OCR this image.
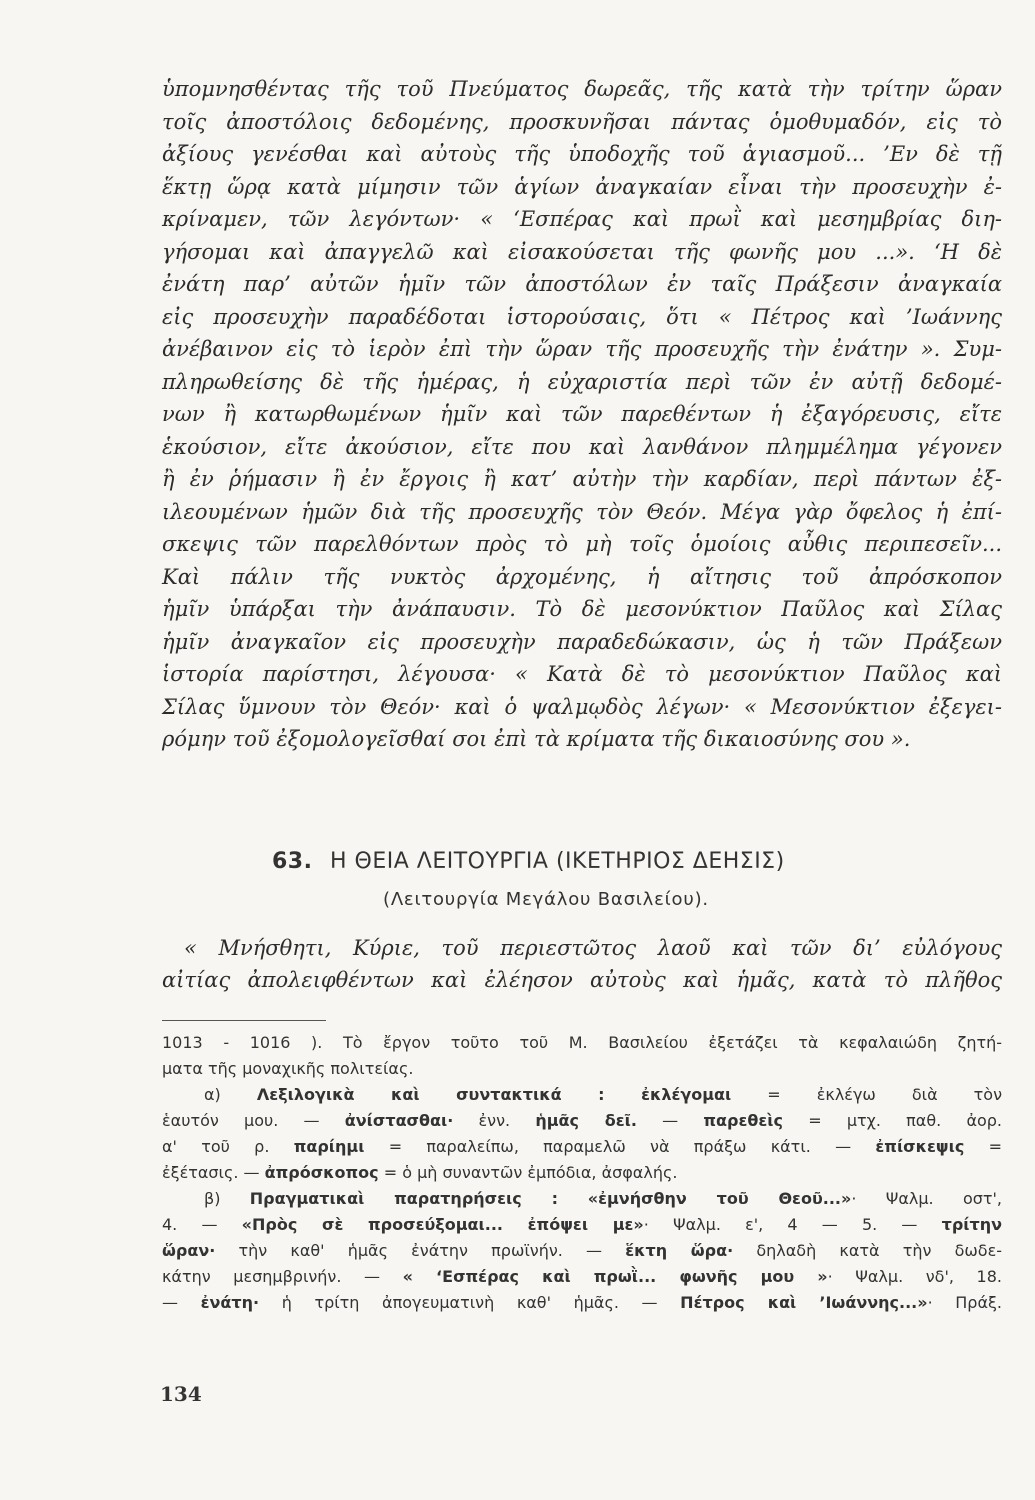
ὑπομνησθέντας τῆς τοῦ Πνεύματος δωρεᾶς, τῆς κατὰ τὴν τρίτην ὥραν
τοῖς ἀποστόλοις δεδομένης, προσκυνῆσαι πάντας ὁμοθυμαδόν, εἰς τὸ
ἀξίους γενέσθαι καὶ αὐτοὺς τῆς ὑποδοχῆς τοῦ ἁγιασμοῦ... ’Εν δὲ τῇ
ἕκτῃ ὥρᾳ κατὰ μίμησιν τῶν ἁγίων ἀναγκαίαν εἶναι τὴν προσευχὴν ἐ-
κρίναμεν, τῶν λεγόντων· « ‘Εσπέρας καὶ πρωῒ καὶ μεσημβρίας διη-
γήσομαι καὶ ἀπαγγελῶ καὶ εἰσακούσεται τῆς φωνῆς μου ...». ‘Η δὲ
ἐνάτη παρ’ αὐτῶν ἡμῖν τῶν ἀποστόλων ἐν ταῖς Πράξεσιν ἀναγκαία
εἰς προσευχὴν παραδέδοται ἱστορούσαις, ὅτι « Πέτρος καὶ ’Ιωάννης
ἀνέβαινον εἰς τὸ ἱερὸν ἐπὶ τὴν ὥραν τῆς προσευχῆς τὴν ἐνάτην ». Συμ-
πληρωθείσης δὲ τῆς ἡμέρας, ἡ εὐχαριστία περὶ τῶν ἐν αὐτῇ δεδομέ-
νων ἢ κατωρθωμένων ἡμῖν καὶ τῶν παρεθέντων ἡ ἐξαγόρευσις, εἴτε
ἑκούσιον, εἴτε ἀκούσιον, εἴτε που καὶ λανθάνον πλημμέλημα γέγονεν
ἢ ἐν ῥήμασιν ἢ ἐν ἔργοις ἢ κατ’ αὐτὴν τὴν καρδίαν, περὶ πάντων ἐξ-
ιλεουμένων ἡμῶν διὰ τῆς προσευχῆς τὸν Θεόν. Μέγα γὰρ ὄφελος ἡ ἐπί-
σκεψις τῶν παρελθόντων πρὸς τὸ μὴ τοῖς ὁμοίοις αὖθις περιπεσεῖν...
Καὶ πάλιν τῆς νυκτὸς ἀρχομένης, ἡ αἴτησις τοῦ ἀπρόσκοπον
ἡμῖν ὑπάρξαι τὴν ἀνάπαυσιν. Τὸ δὲ μεσονύκτιον Παῦλος καὶ Σίλας
ἡμῖν ἀναγκαῖον εἰς προσευχὴν παραδεδώκασιν, ὡς ἡ τῶν Πράξεων
ἱστορία παρίστησι, λέγουσα· « Κατὰ δὲ τὸ μεσονύκτιον Παῦλος καὶ
Σίλας ὕμνουν τὸν Θεόν· καὶ ὁ ψαλμῳδὸς λέγων· « Μεσονύκτιον ἐξεγει-
ρόμην τοῦ ἐξομολογεῖσθαί σοι ἐπὶ τὰ κρίματα τῆς δικαιοσύνης σου ».
63. Η ΘΕΙΑ ΛΕΙΤΟΥΡΓΙΑ (ΙΚΕΤΗΡΙΟΣ ΔΕΗΣΙΣ)
(Λειτουργία Μεγάλου Βασιλείου).
« Μνήσθητι, Κύριε, τοῦ περιεστῶτος λαοῦ καὶ τῶν δι’ εὐλόγους
αἰτίας ἀπολειφθέντων καὶ ἐλέησον αὐτοὺς καὶ ἡμᾶς, κατὰ τὸ πλῆθος
1013 - 1016 ). Τὸ ἔργον τοῦτο τοῦ Μ. Βασιλείου ἐξετάζει τὰ κεφαλαιώδη ζητή-
ματα τῆς μοναχικῆς πολιτείας.
α) Λεξιλογικὰ καὶ συντακτικά : ἐκλέγομαι = ἐκλέγω διὰ τὸν
ἑαυτόν μου. — ἀνίστασθαι· ἐνν. ἡμᾶς δεῖ. — παρεθεὶς = μτχ. παθ. ἀορ.
α' τοῦ ρ. παρίημι = παραλείπω, παραμελῶ νὰ πράξω κάτι. — ἐπίσκεψις =
ἐξέτασις. — ἀπρόσκοπος = ὁ μὴ συναντῶν ἐμπόδια, ἀσφαλής.
β) Πραγματικαὶ παρατηρήσεις : «ἐμνήσθην τοῦ Θεοῦ...»· Ψαλμ. οστ',
4. — «Πρὸς σὲ προσεύξομαι... ἐπόψει με»· Ψαλμ. ε', 4 — 5. — τρίτην
ὥραν· τὴν καθ' ἡμᾶς ἐνάτην πρωϊνήν. — ἕκτη ὥρα· δηλαδὴ κατὰ τὴν δωδε-
κάτην μεσημβρινήν. — « ‘Εσπέρας καὶ πρωῒ... φωνῆς μου »· Ψαλμ. νδ', 18.
— ἐνάτη· ἡ τρίτη ἀπογευματινὴ καθ' ἡμᾶς. — Πέτρος καὶ ’Ιωάννης...»· Πράξ.
134
